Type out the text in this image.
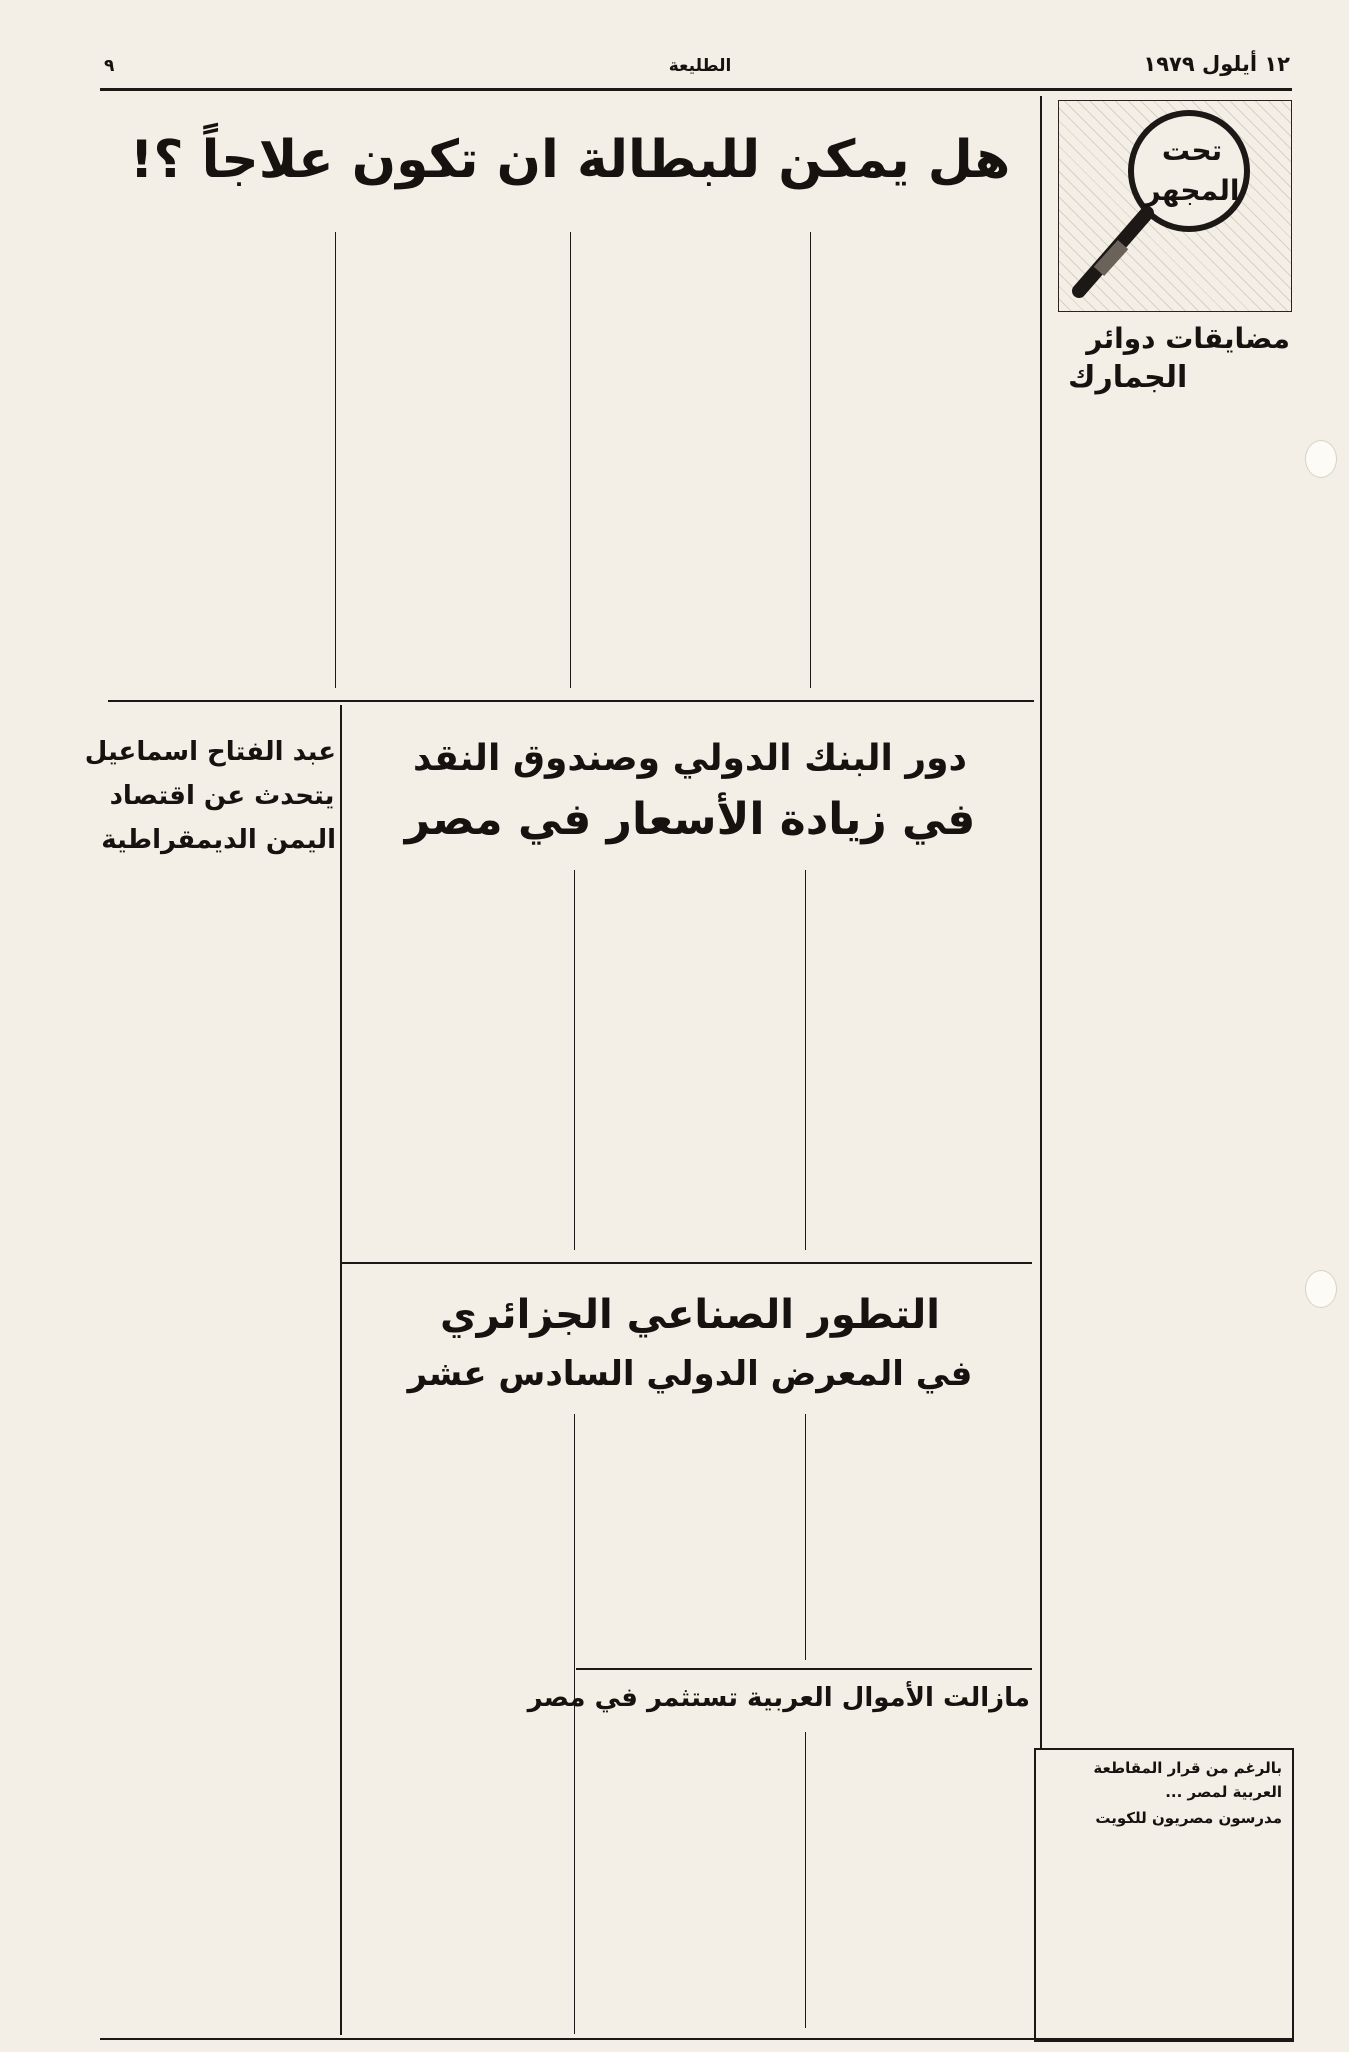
٩	الطليعة	١٢ أيلول ١٩٧٩
تحت المجهر
مضايقات دوائر
الجمارك
بالرغم من قرار المقاطعة العربية لمصر ...
مدرسون مصريون للكويت
هل يمكن للبطالة ان تكون علاجاً ؟!
عبد الفتاح اسماعيل
يتحدث عن اقتصاد
اليمن الديمقراطية
دور البنك الدولي وصندوق النقد
في زيادة الأسعار في مصر
التطور الصناعي الجزائري
في المعرض الدولي السادس عشر
مازالت الأموال العربية تستثمر في مصر
